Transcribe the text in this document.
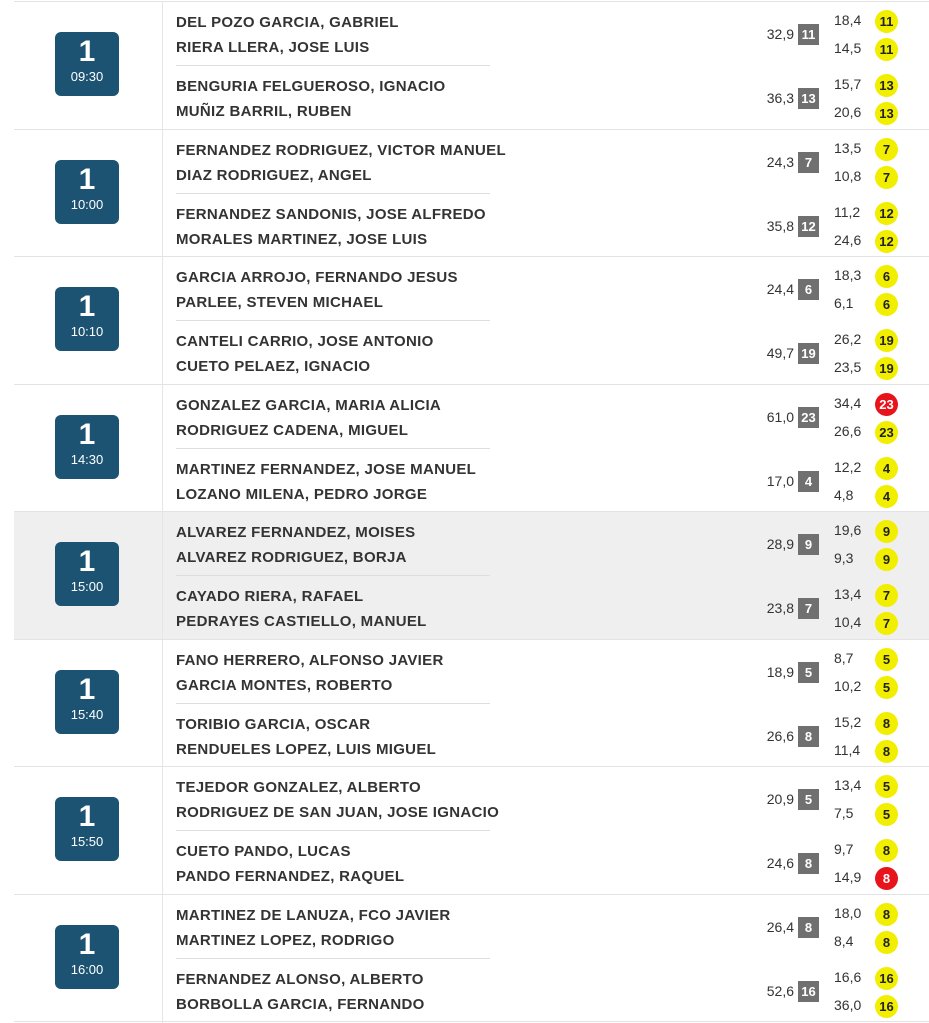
1
09:30
DEL POZO GARCIA, GABRIEL
RIERA LLERA, JOSE LUIS
32,9 11
18,4	11
14,5	11
BENGURIA FELGUEROSO, IGNACIO
MUÑIZ BARRIL, RUBEN
36,3 13
15,7	13
20,6	13
1
10:00
FERNANDEZ RODRIGUEZ, VICTOR MANUEL
DIAZ RODRIGUEZ, ANGEL
24,3 7
13,5	7
10,8	7
FERNANDEZ SANDONIS, JOSE ALFREDO
MORALES MARTINEZ, JOSE LUIS
35,8 12
11,2	12
24,6	12
1
10:10
GARCIA ARROJO, FERNANDO JESUS
PARLEE, STEVEN MICHAEL
24,4 6
18,3	6
6,1	6
CANTELI CARRIO, JOSE ANTONIO
CUETO PELAEZ, IGNACIO
49,7 19
26,2	19
23,5	19
1
14:30
GONZALEZ GARCIA, MARIA ALICIA
RODRIGUEZ CADENA, MIGUEL
61,0 23
34,4	23
26,6	23
MARTINEZ FERNANDEZ, JOSE MANUEL
LOZANO MILENA, PEDRO JORGE
17,0 4
12,2	4
4,8	4
1
15:00
ALVAREZ FERNANDEZ, MOISES
ALVAREZ RODRIGUEZ, BORJA
28,9 9
19,6	9
9,3	9
CAYADO RIERA, RAFAEL
PEDRAYES CASTIELLO, MANUEL
23,8 7
13,4	7
10,4	7
1
15:40
FANO HERRERO, ALFONSO JAVIER
GARCIA MONTES, ROBERTO
18,9 5
8,7	5
10,2	5
TORIBIO GARCIA, OSCAR
RENDUELES LOPEZ, LUIS MIGUEL
26,6 8
15,2	8
11,4	8
1
15:50
TEJEDOR GONZALEZ, ALBERTO
RODRIGUEZ DE SAN JUAN, JOSE IGNACIO
20,9 5
13,4	5
7,5	5
CUETO PANDO, LUCAS
PANDO FERNANDEZ, RAQUEL
24,6 8
9,7	8
14,9	8
1
16:00
MARTINEZ DE LANUZA, FCO JAVIER
MARTINEZ LOPEZ, RODRIGO
26,4 8
18,0	8
8,4	8
FERNANDEZ ALONSO, ALBERTO
BORBOLLA GARCIA, FERNANDO
52,6 16
16,6	16
36,0	16
